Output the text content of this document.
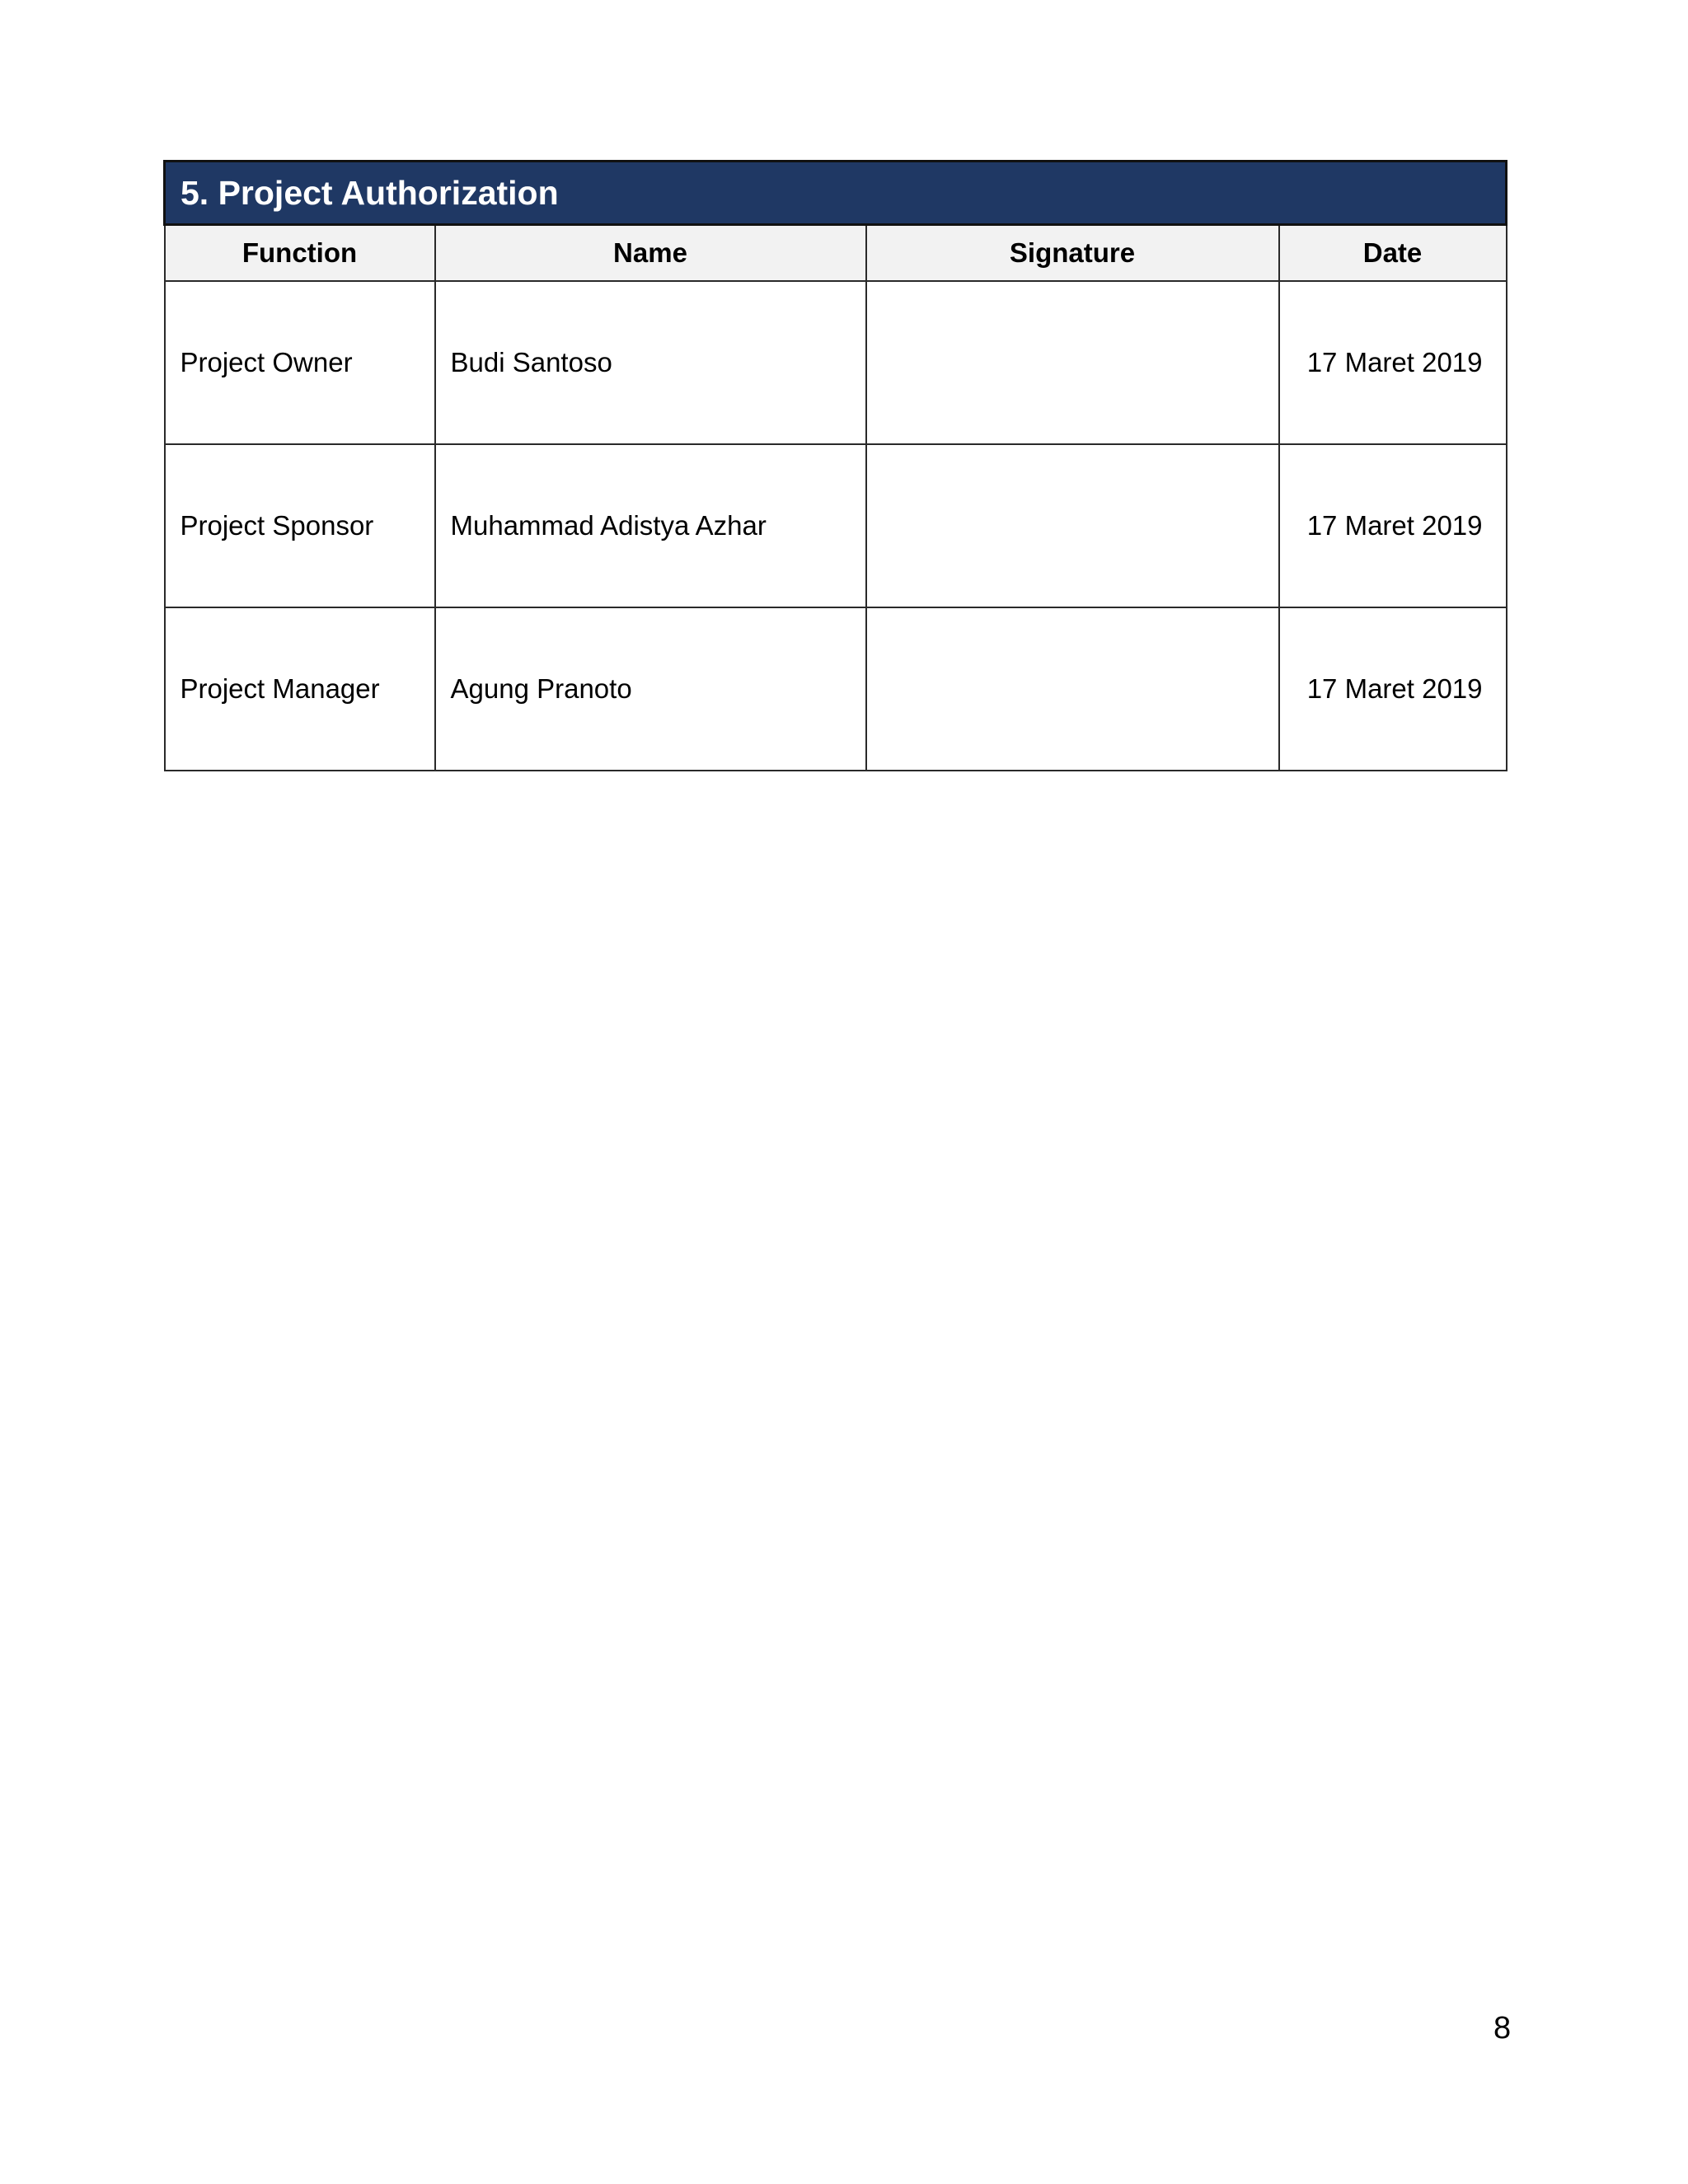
5. Project Authorization			
Function	Name	Signature	Date
Project Owner	Budi Santoso		17 Maret 2019
Project Sponsor	Muhammad Adistya Azhar		17 Maret 2019
Project Manager	Agung Pranoto		17 Maret 2019
8
